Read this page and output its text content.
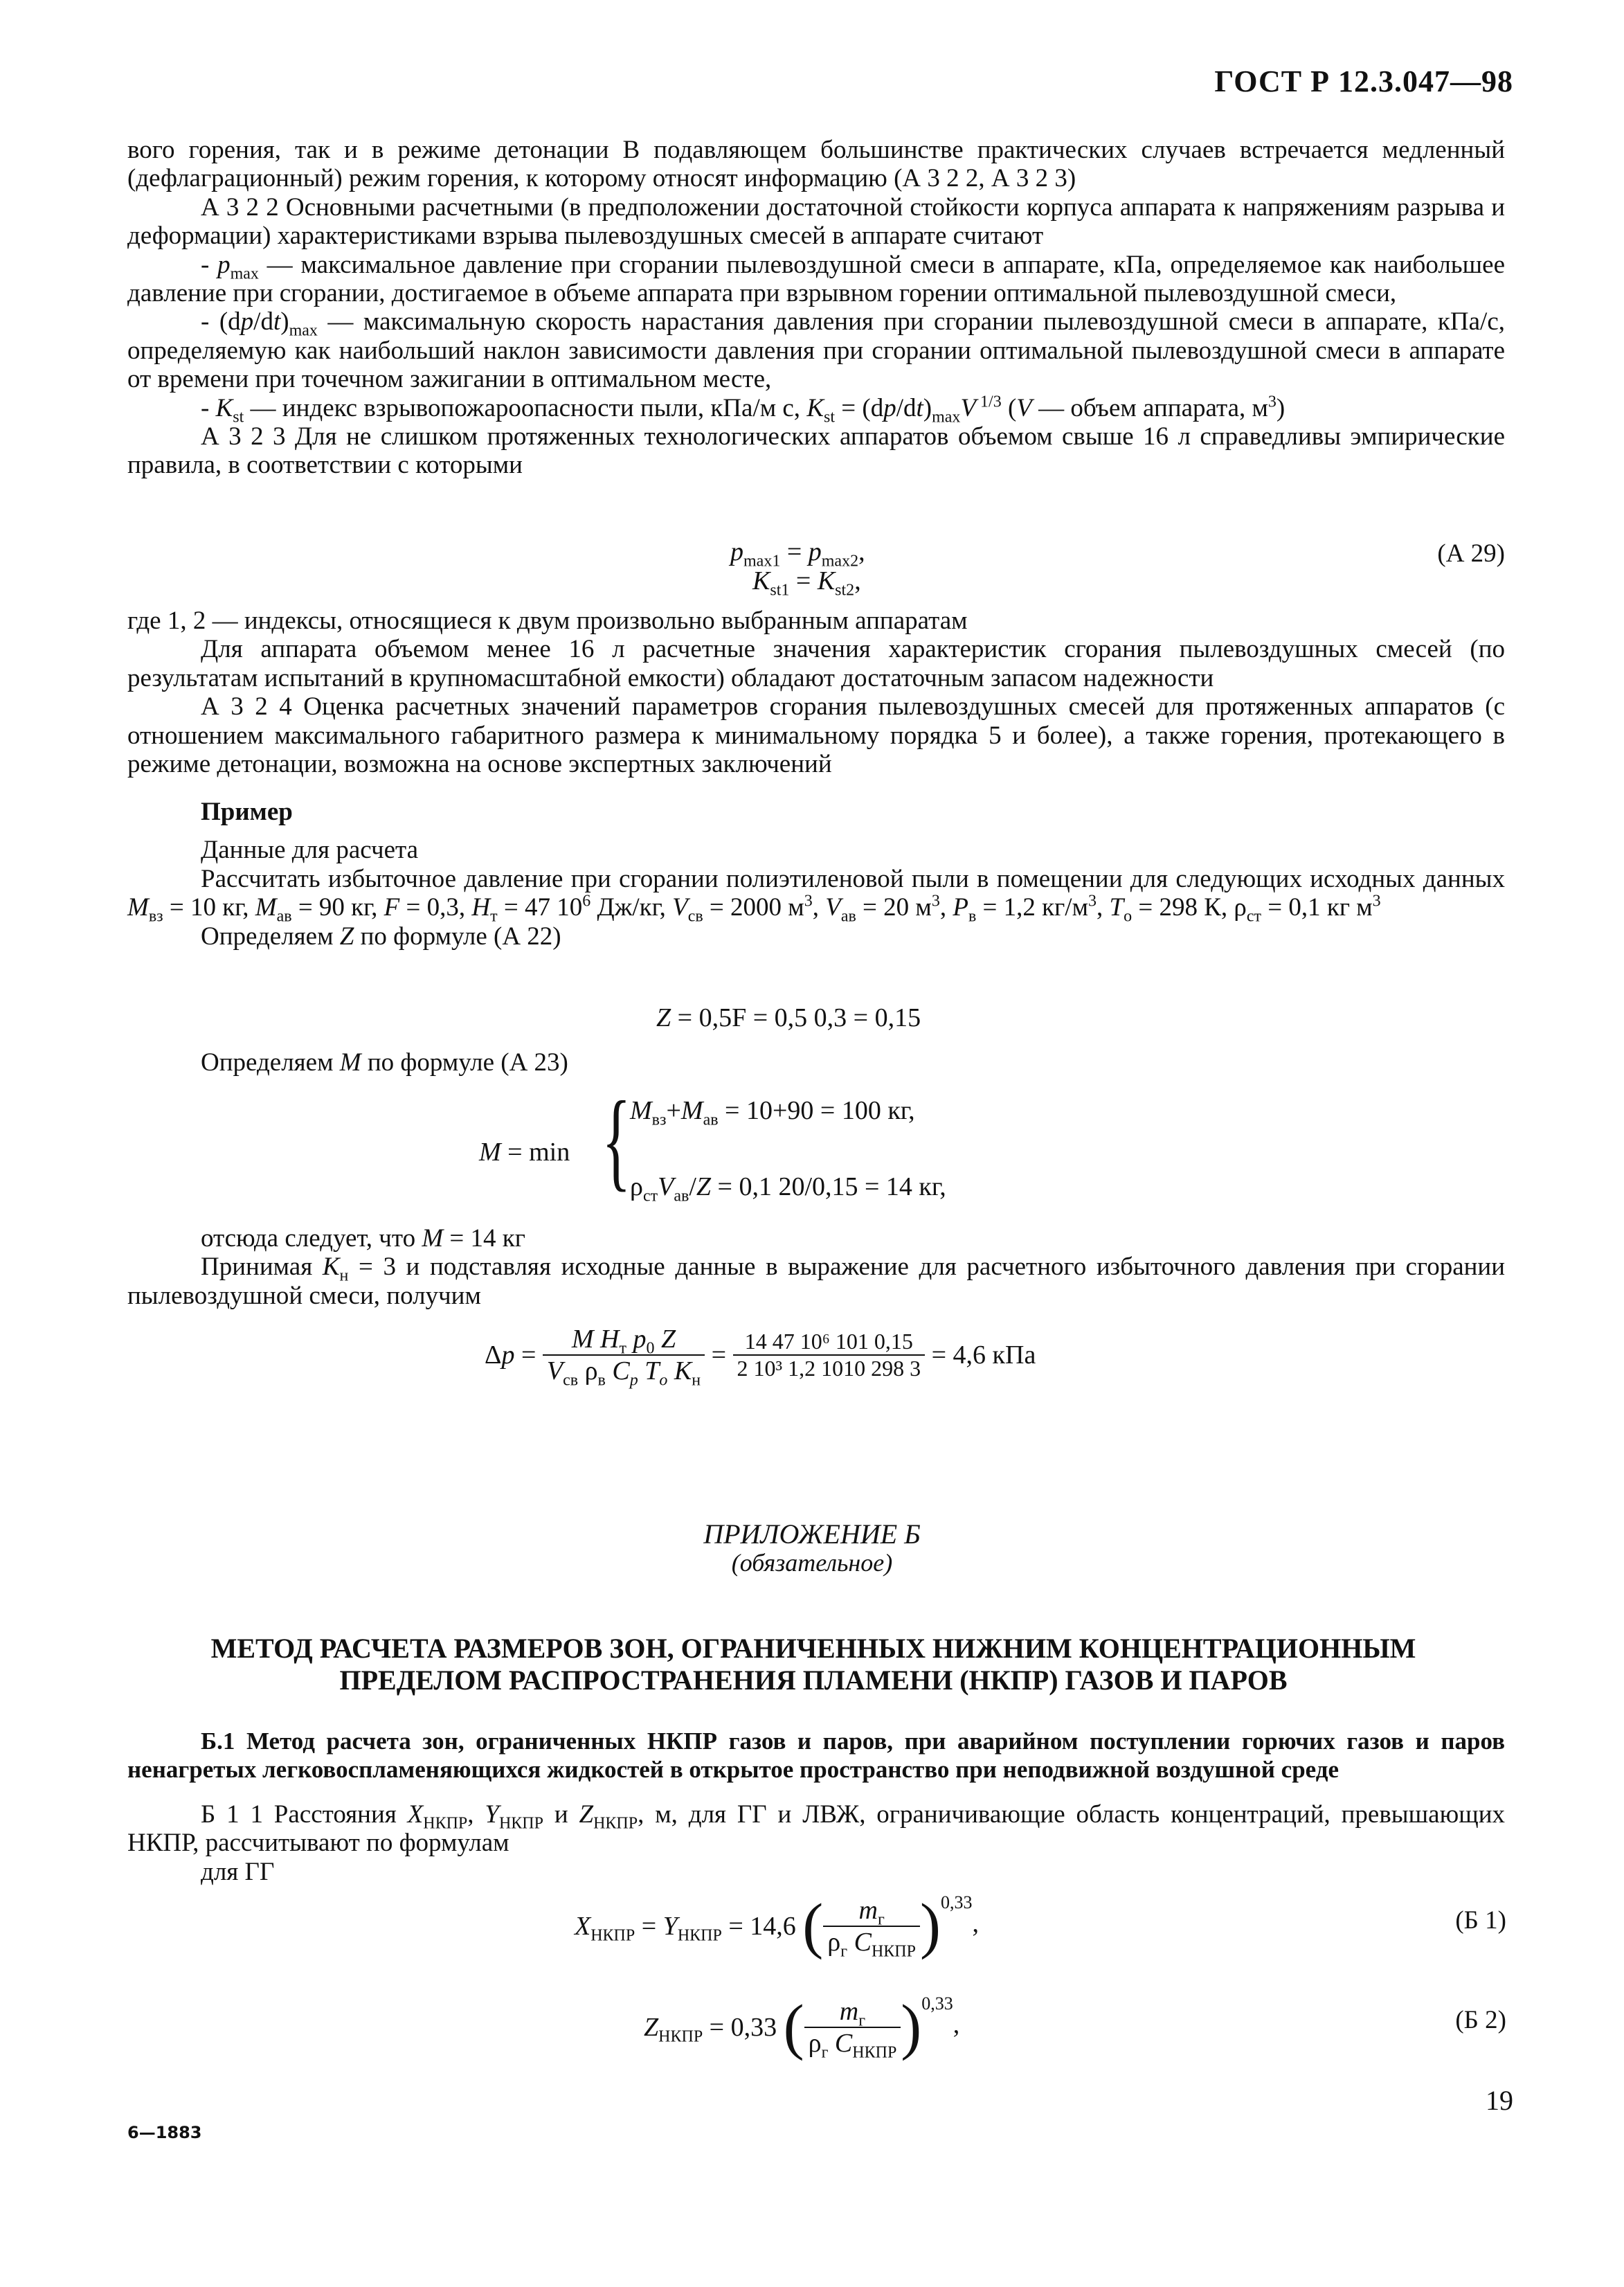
ГОСТ Р 12.3.047—98

вого горения, так и в режиме детонации В подавляющем большинстве практических случаев встречается медленный (дефлаграционный) режим горения, к которому относят информацию (А 3 2 2, А 3 2 3)

А 3 2 2 Основными расчетными (в предположении достаточной стойкости корпуса аппарата к напряжениям разрыва и деформации) характеристиками взрыва пылевоздушных смесей в аппарате считают

- $p_{max}$ — максимальное давление при сгорании пылевоздушной смеси в аппарате, кПа, определяемое как наибольшее давление при сгорании, достигаемое в объеме аппарата при взрывном горении оптимальной пылевоздушной смеси,

- $(dp/dt)_{max}$ — максимальную скорость нарастания давления при сгорании пылевоздушной смеси в аппарате, кПа/с, определяемую как наибольший наклон зависимости давления при сгорании оптимальной пылевоздушной смеси в аппарате от времени при точечном зажигании в оптимальном месте,

- $K_{st}$ — индекс взрывопожароопасности пыли, кПа/м с, $K_{st} = (dp/dt)_{max}V$ $^{1/3}$ (V — объем аппарата, $м^3$)

А 3 2 3 Для не слишком протяженных технологических аппаратов объемом свыше 16 л справедливы эмпирические правила, в соответствии с которыми

$p_{max1} = p_{max2}$,
$K_{st1} = K_{st2}$,
(А 29)

где 1, 2 — индексы, относящиеся к двум произвольно выбранным аппаратам

Для аппарата объемом менее 16 л расчетные значения характеристик сгорания пылевоздушных смесей (по результатам испытаний в крупномасштабной емкости) обладают достаточным запасом надежности

А 3 2 4 Оценка расчетных значений параметров сгорания пылевоздушных смесей для протяженных аппаратов (с отношением максимального габаритного размера к минимальному порядка 5 и более), а также горения, протекающего в режиме детонации, возможна на основе экспертных заключений

Пример

Данные для расчета

Рассчитать избыточное давление при сгорании полиэтиленовой пыли в помещении для следующих исходных данных $M_{вз} = 10$ кг, $M_{ав} = 90$ кг, F = 0,3, $H_т = 47$ $10^6$ Дж/кг, $V_{св} = 2000$ $м^3$, $V_{ав} = 20$ $м^3$, $P_в = 1,2$ $кг/м^3$, $T_o = 298$ К, $\rho_{ст} = 0,1$ кг $м^3$

Определяем Z по формуле (А 22)

Z = 0,5F = 0,5 0,3 = 0,15

Определяем M по формуле (А 23)

M = min {
$M_{вз}+M_{ав} = 10+90 = 100$ кг,
$\rho_{ст}V_{ав}/Z = 0,1$ 20/0,15 = 14 кг,

отсюда следует, что M = 14 кг

Принимая $K_н = 3$ и подставляя исходные данные в выражение для расчетного избыточного давления при сгорании пылевоздушной смеси, получим

$\Delta p = \frac{M H_т p_0 Z}{V_{св} \rho_в C_p T_o K_н} = \frac{\text{14 47 10⁶ 101 0,15}}{\text{2 10³ 1,2 1010 298 3}} = 4,6$ кПа
ПРИЛОЖЕНИЕ Б
(обязательное)
МЕТОД РАСЧЕТА РАЗМЕРОВ ЗОН, ОГРАНИЧЕННЫХ НИЖНИМ КОНЦЕНТРАЦИОННЫМ
ПРЕДЕЛОМ РАСПРОСТРАНЕНИЯ ПЛАМЕНИ (НКПР) ГАЗОВ И ПАРОВ

Б.1 Метод расчета зон, ограниченных НКПР газов и паров, при аварийном поступлении горючих газов и паров ненагретых легковоспламеняющихся жидкостей в открытое пространство при неподвижной воздушной среде

Б 1 1 Расстояния $X_{НКПР}$, $Y_{НКПР}$ и $Z_{НКПР}$, м, для ГГ и ЛВЖ, ограничивающие область концентраций, превышающих НКПР, рассчитывают по формулам

для ГГ

$X_{НКПР} = Y_{НКПР} = 14,6$ ( $\frac{m_г}{\rho_г C_{НКПР}} )^{0,33}$,	(Б 1)
$Z_{НКПР} = 0,33$ ( $\frac{m_г}{\rho_г C_{НКПР}} )^{0,33}$,	(Б 2)
19
6—1883
